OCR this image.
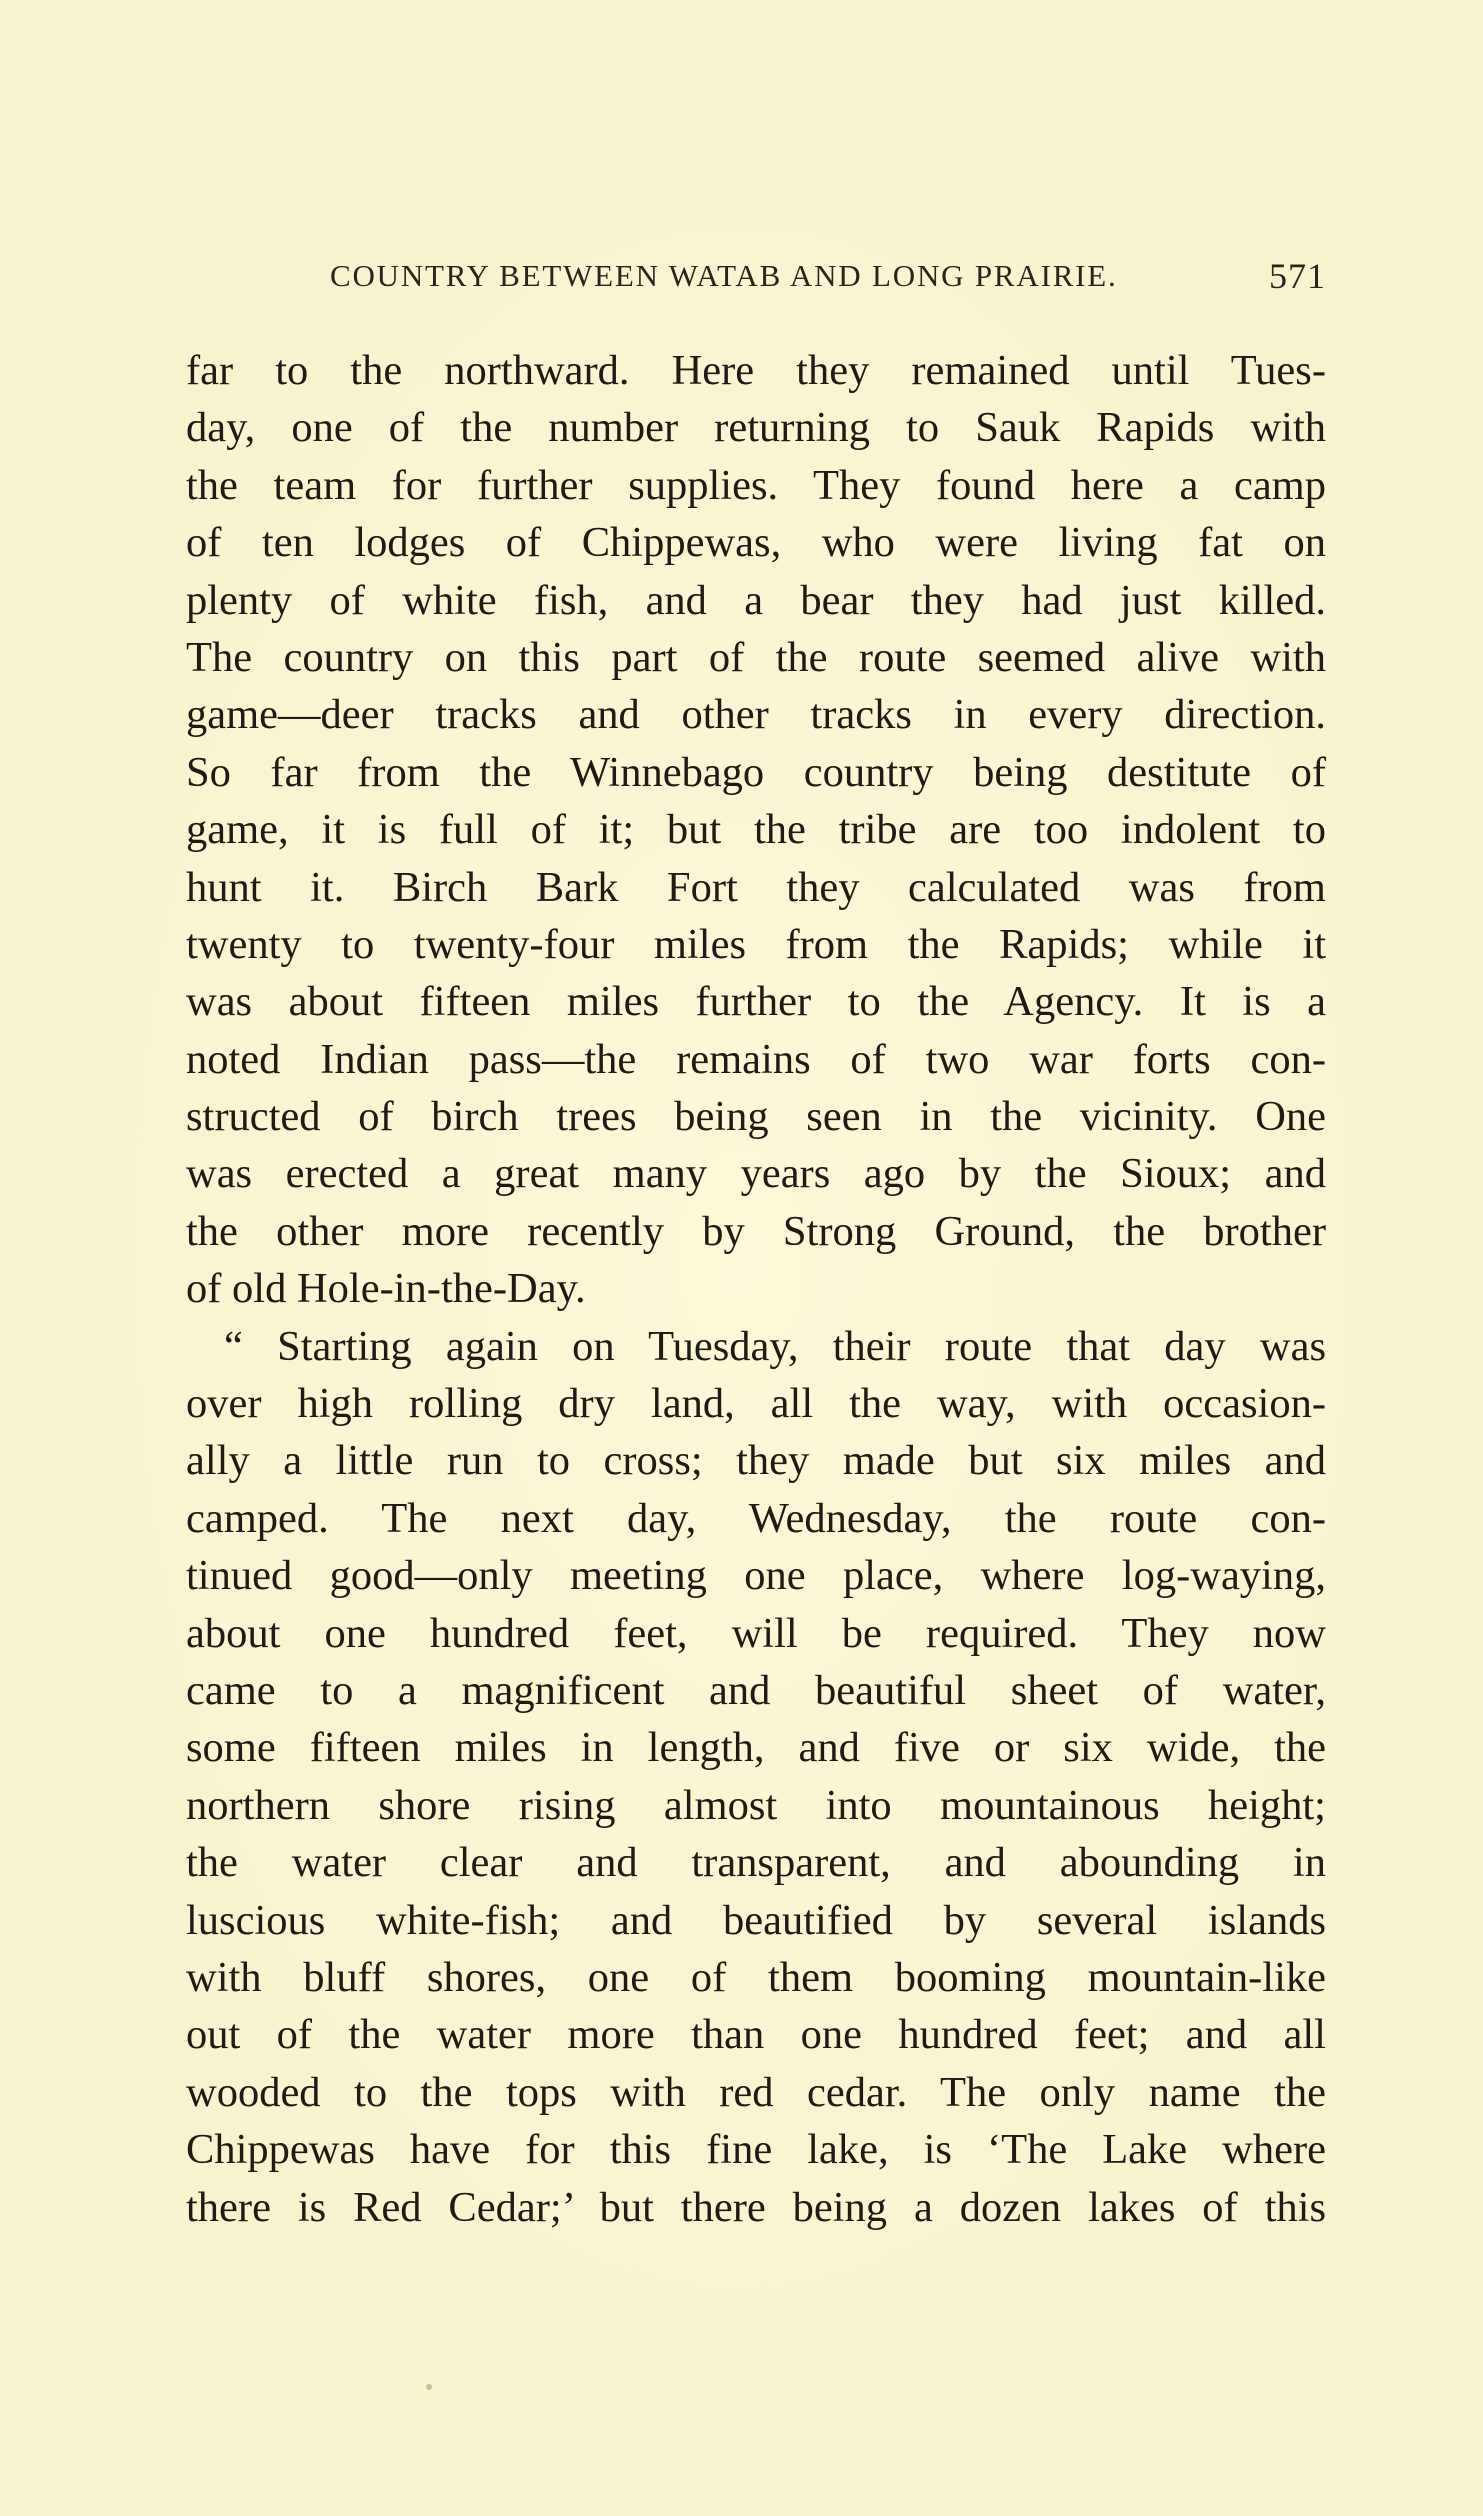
COUNTRY BETWEEN WATAB AND LONG PRAIRIE.	571
far to the northward. Here they remained until Tues-
day, one of the number returning to Sauk Rapids with
the team for further supplies. They found here a camp
of ten lodges of Chippewas, who were living fat on
plenty of white fish, and a bear they had just killed.
The country on this part of the route seemed alive with
game—deer tracks and other tracks in every direction.
So far from the Winnebago country being destitute of
game, it is full of it; but the tribe are too indolent to
hunt it. Birch Bark Fort they calculated was from
twenty to twenty-four miles from the Rapids; while it
was about fifteen miles further to the Agency. It is a
noted Indian pass—the remains of two war forts con-
structed of birch trees being seen in the vicinity. One
was erected a great many years ago by the Sioux; and
the other more recently by Strong Ground, the brother
of old Hole-in-the-Day.
“ Starting again on Tuesday, their route that day was
over high rolling dry land, all the way, with occasion-
ally a little run to cross; they made but six miles and
camped. The next day, Wednesday, the route con-
tinued good—only meeting one place, where log-waying,
about one hundred feet, will be required. They now
came to a magnificent and beautiful sheet of water,
some fifteen miles in length, and five or six wide, the
northern shore rising almost into mountainous height;
the water clear and transparent, and abounding in
luscious white-fish; and beautified by several islands
with bluff shores, one of them booming mountain-like
out of the water more than one hundred feet; and all
wooded to the tops with red cedar. The only name the
Chippewas have for this fine lake, is ‘The Lake where
there is Red Cedar;’ but there being a dozen lakes of this
